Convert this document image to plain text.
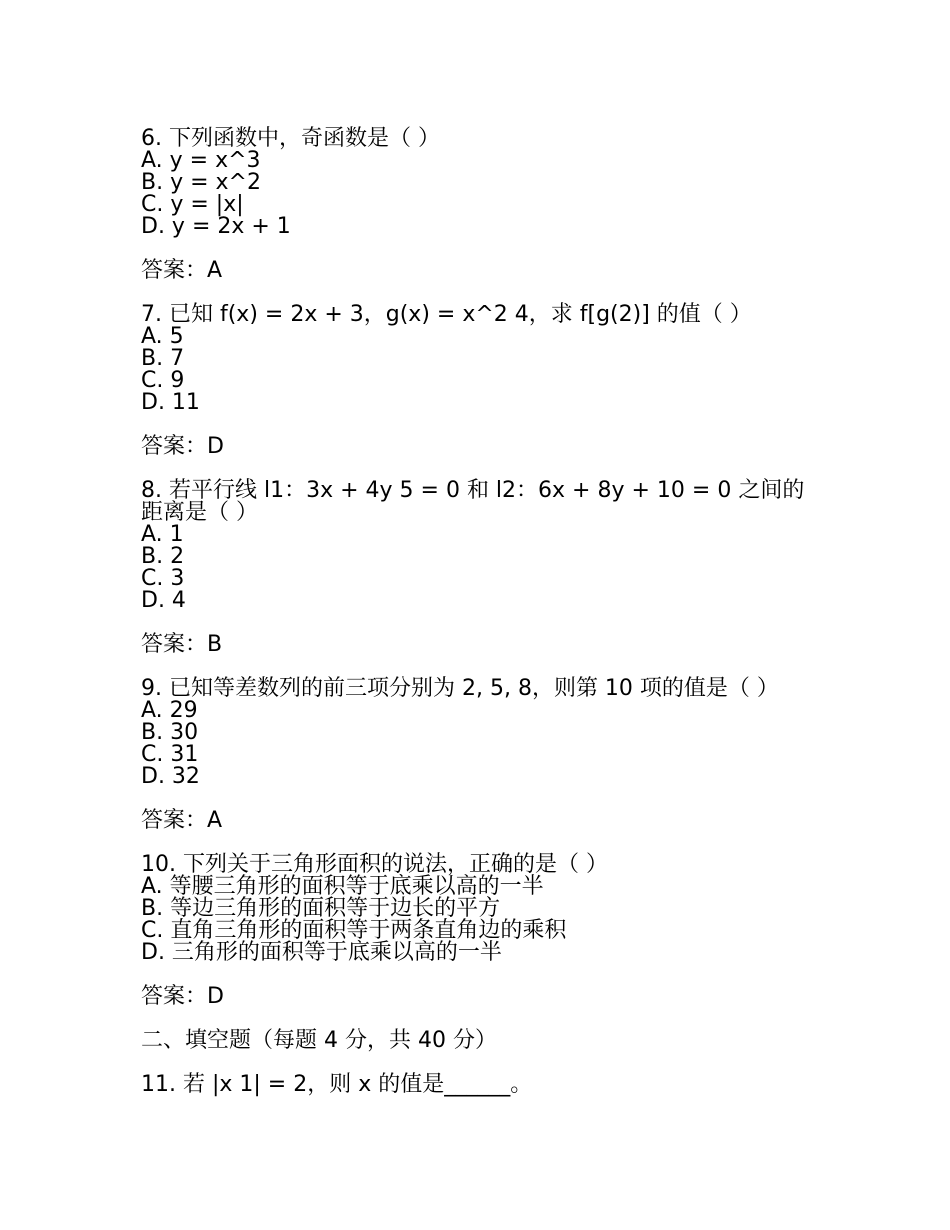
6. 下列函数中，奇函数是（ ）
A. y = x^3
B. y = x^2
C. y = |x|
D. y = 2x + 1
答案：A
7. 已知 f(x) = 2x + 3，g(x) = x^2 4，求 f[g(2)] 的值（ ）
A. 5
B. 7
C. 9
D. 11
答案：D
8. 若平行线 l1：3x + 4y 5 = 0 和 l2：6x + 8y + 10 = 0 之间的距离是（ ）
A. 1
B. 2
C. 3
D. 4
答案：B
9. 已知等差数列的前三项分别为 2, 5, 8，则第 10 项的值是（ ）
A. 29
B. 30
C. 31
D. 32
答案：A
10. 下列关于三角形面积的说法，正确的是（ ）
A. 等腰三角形的面积等于底乘以高的一半
B. 等边三角形的面积等于边长的平方
C. 直角三角形的面积等于两条直角边的乘积
D. 三角形的面积等于底乘以高的一半
答案：D
二、填空题（每题 4 分，共 40 分）
11. 若 |x 1| = 2，则 x 的值是______。
